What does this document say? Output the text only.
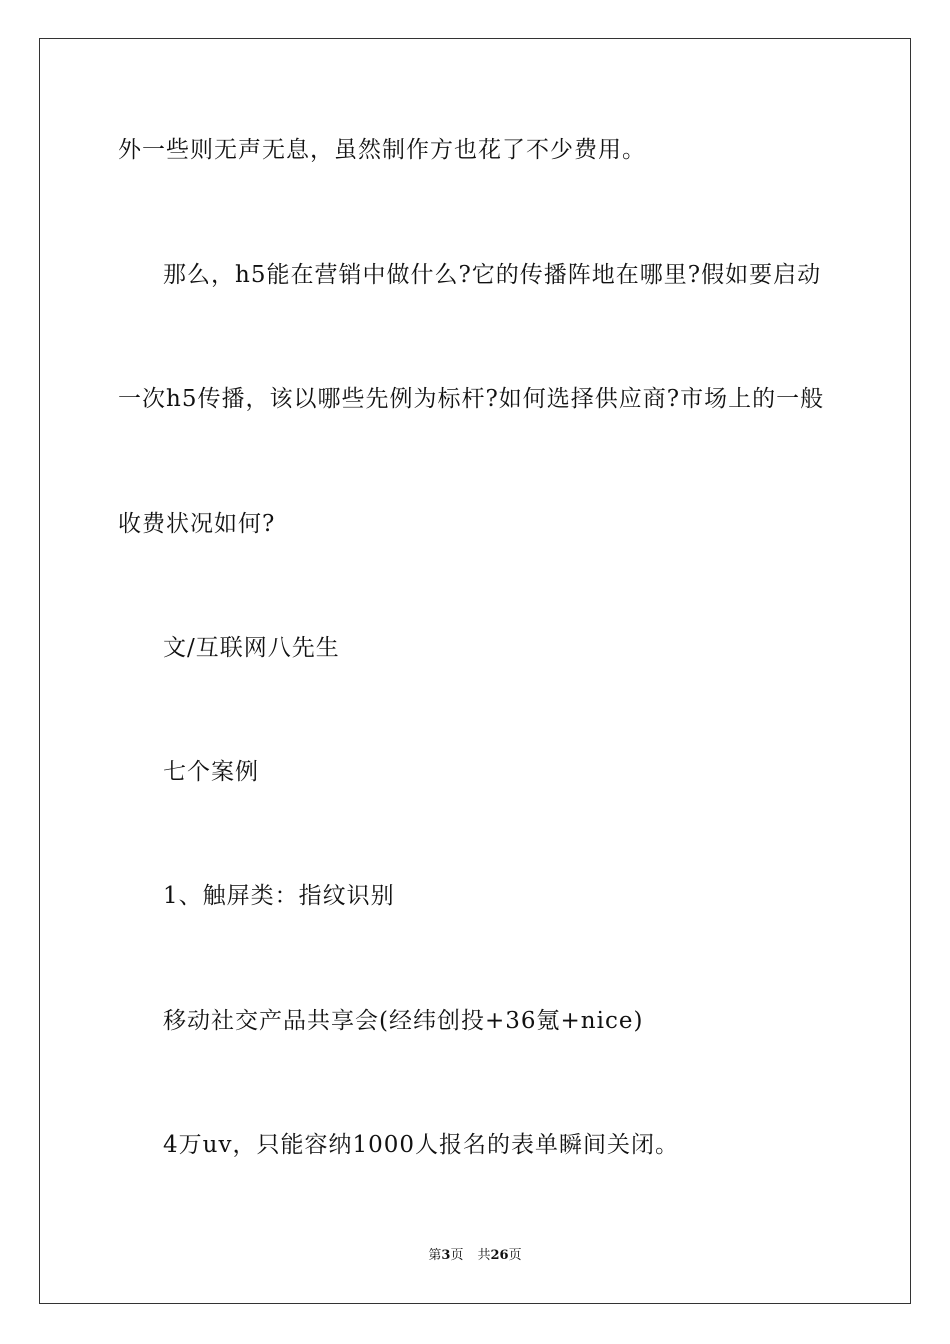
外一些则无声无息，虽然制作方也花了不少费用。
那么，h5能在营销中做什么?它的传播阵地在哪里?假如要启动
一次h5传播，该以哪些先例为标杆?如何选择供应商?市场上的一般
收费状况如何?
文/互联网八先生
七个案例
1、触屏类：指纹识别
移动社交产品共享会(经纬创投+36氪+nice)
4万uv，只能容纳1000人报名的表单瞬间关闭。
第3页 共26页
